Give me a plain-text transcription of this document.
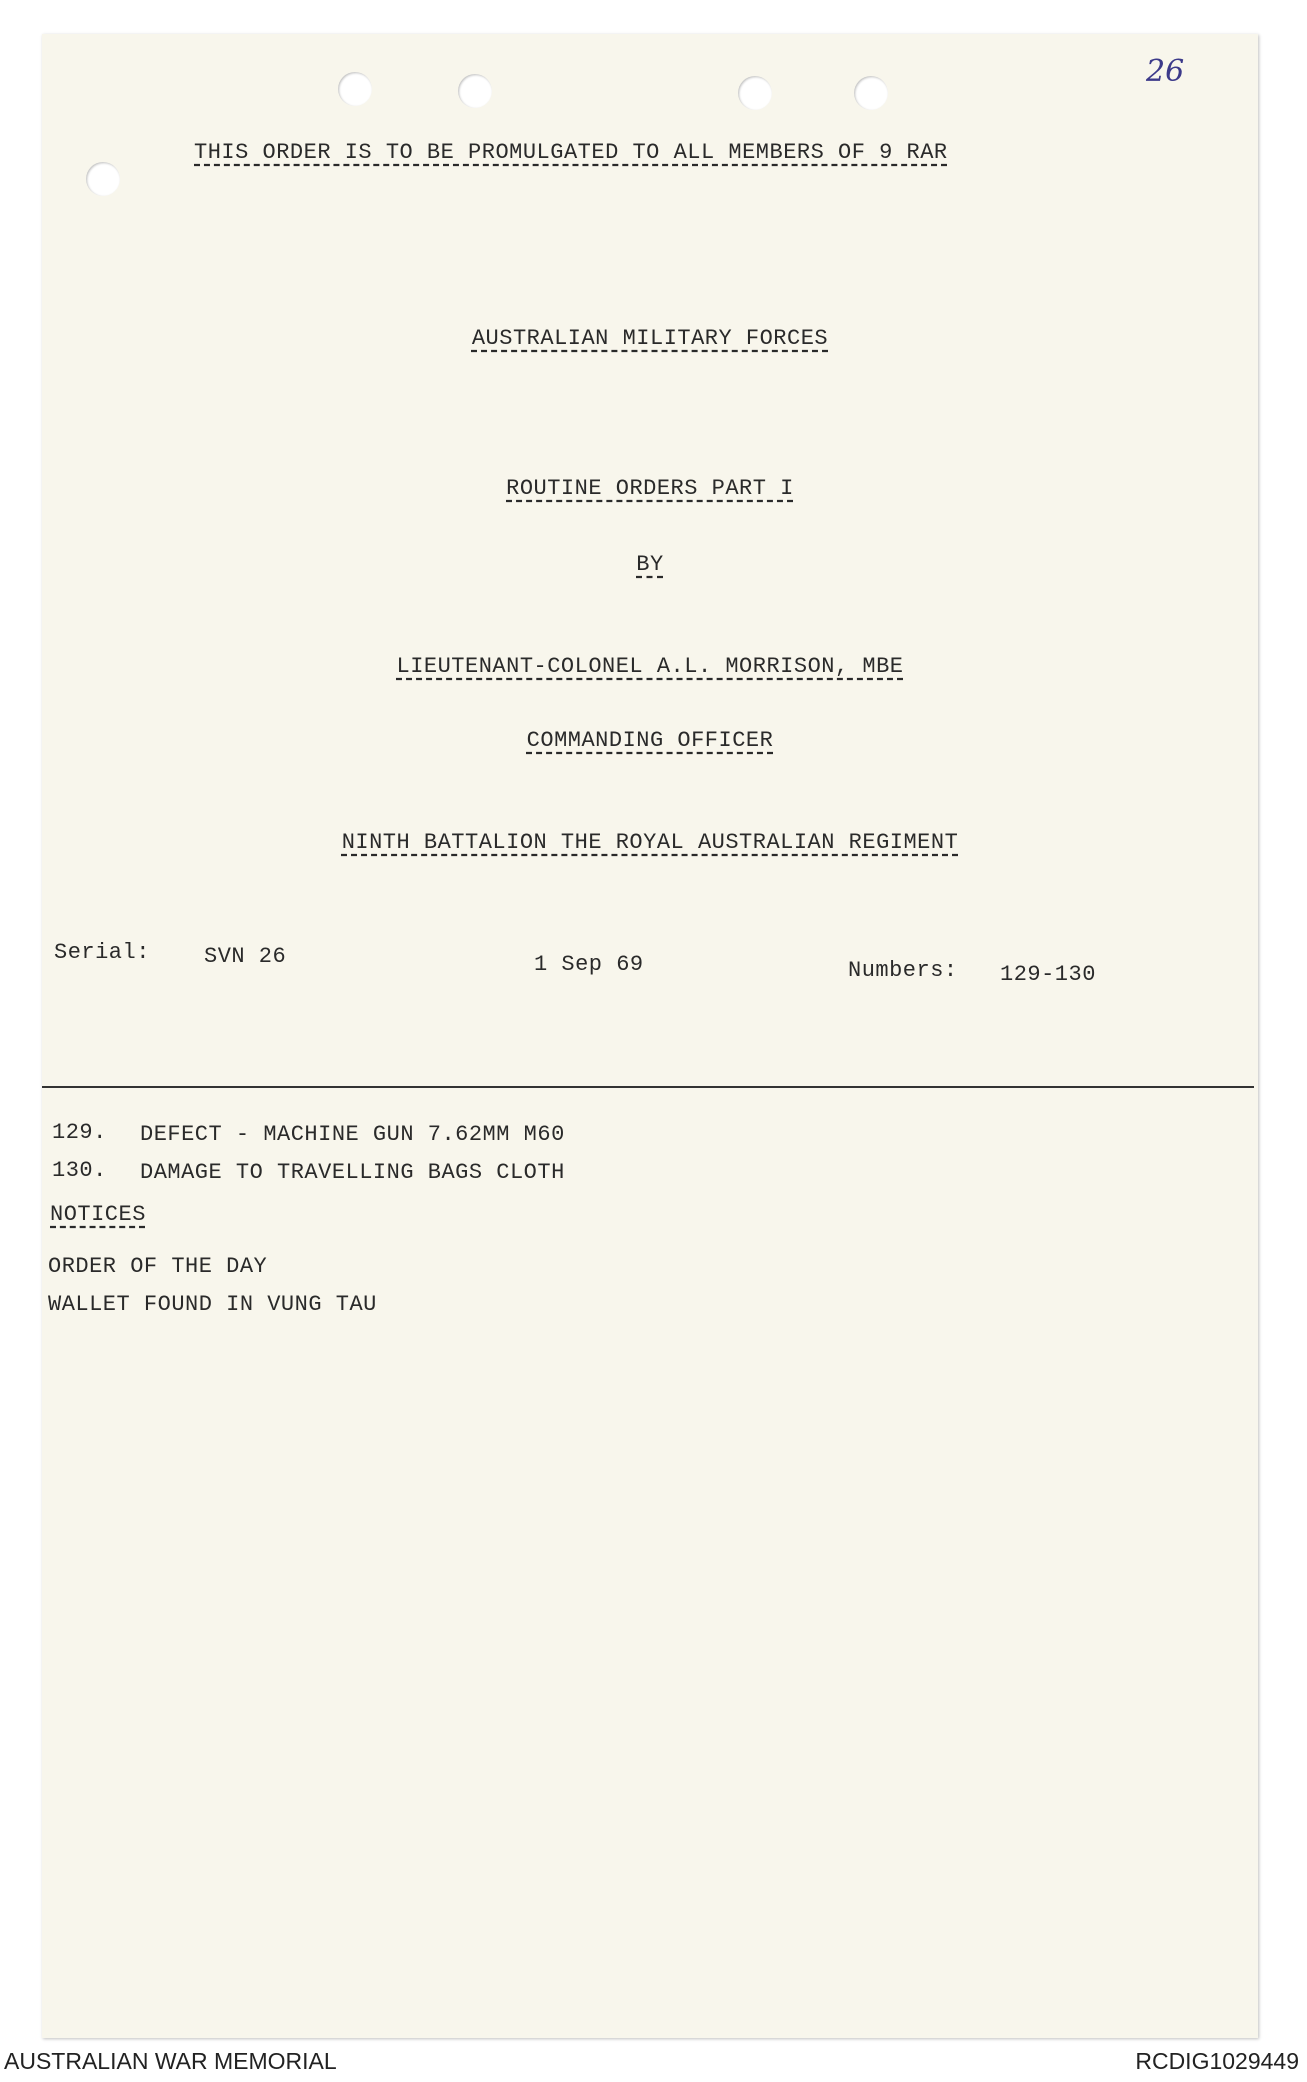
26
THIS ORDER IS TO BE PROMULGATED TO ALL MEMBERS OF 9 RAR
AUSTRALIAN MILITARY FORCES
ROUTINE ORDERS PART I
BY
LIEUTENANT-COLONEL A.L. MORRISON, MBE
COMMANDING OFFICER
NINTH BATTALION THE ROYAL AUSTRALIAN REGIMENT
Serial: SVN 26	1 Sep 69	Numbers: 129-130
129. DEFECT - MACHINE GUN 7.62MM M60
130. DAMAGE TO TRAVELLING BAGS CLOTH
NOTICES
ORDER OF THE DAY
WALLET FOUND IN VUNG TAU
AUSTRALIAN WAR MEMORIAL	RCDIG1029449
